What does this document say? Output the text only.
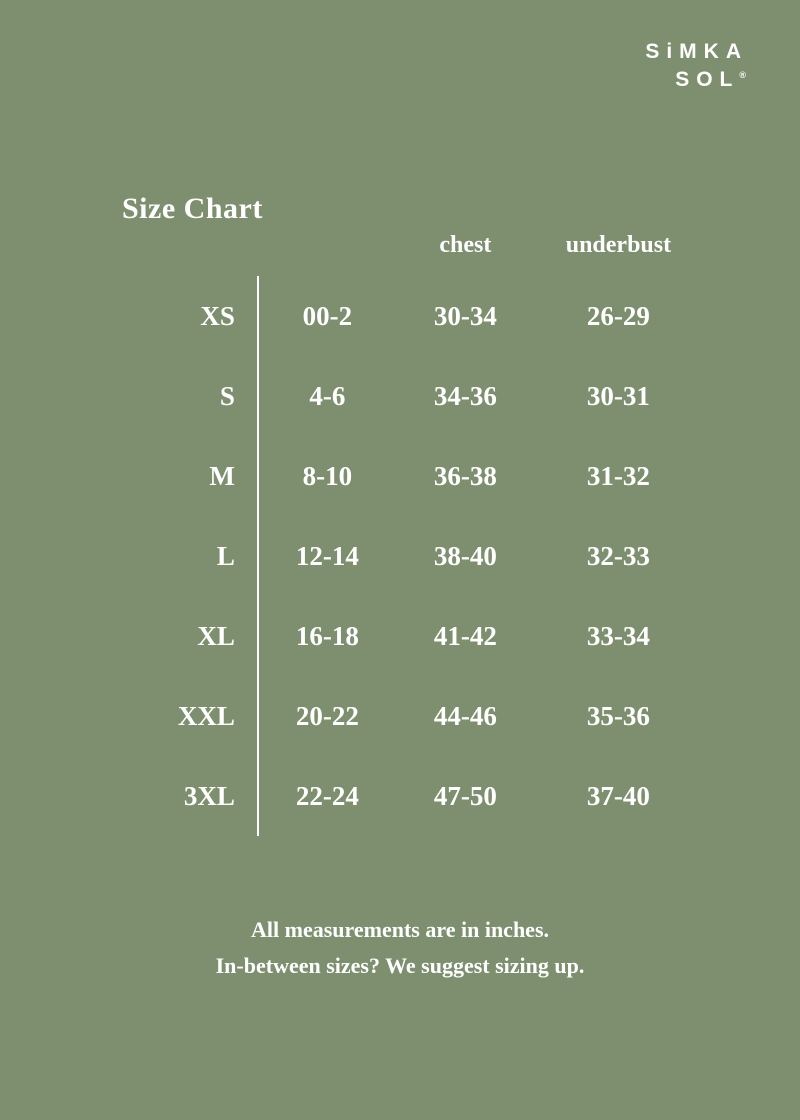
SiMKA
SOL®
Size Chart
		chest	underbust
XS	00-2	30-34	26-29
S	4-6	34-36	30-31
M	8-10	36-38	31-32
L	12-14	38-40	32-33
XL	16-18	41-42	33-34
XXL	20-22	44-46	35-36
3XL	22-24	47-50	37-40
All measurements are in inches.
In-between sizes? We suggest sizing up.
